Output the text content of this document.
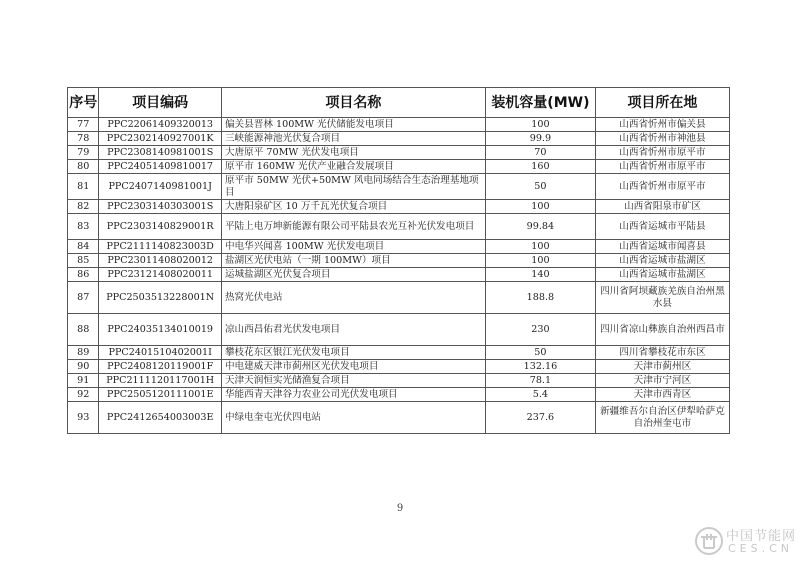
序号	项目编码	项目名称	装机容量(MW)	项目所在地
77	PPC22061409320013	偏关县晋林 100MW 光伏储能发电项目	100	山西省忻州市偏关县
78	PPC2302140927001K	三峡能源神池光伏复合项目	99.9	山西省忻州市神池县
79	PPC2308140981001S	大唐原平 70MW 光伏发电项目	70	山西省忻州市原平市
80	PPC24051409810017	原平市 160MW 光伏产业融合发展项目	160	山西省忻州市原平市
81	PPC2407140981001J	原平市 50MW 光伏+50MW 风电同场结合生态治理基地项目	50	山西省忻州市原平市
82	PPC2303140303001S	大唐阳泉矿区 10 万千瓦光伏复合项目	100	山西省阳泉市矿区
83	PPC2303140829001R	平陆上电万坤新能源有限公司平陆县农光互补光伏发电项目	99.84	山西省运城市平陆县
84	PPC2111140823003D	中电华兴闻喜 100MW 光伏发电项目	100	山西省运城市闻喜县
85	PPC23011408020012	盐湖区光伏电站（一期 100MW）项目	100	山西省运城市盐湖区
86	PPC23121408020011	运城盐湖区光伏复合项目	140	山西省运城市盐湖区
87	PPC2503513228001N	热窝光伏电站	188.8	四川省阿坝藏族羌族自治州黑水县
88	PPC24035134010019	凉山西昌佑君光伏发电项目	230	四川省凉山彝族自治州西昌市
89	PPC2401510402001I	攀枝花东区银江光伏发电项目	50	四川省攀枝花市东区
90	PPC2408120119001F	中电建威天津市蓟州区光伏发电项目	132.16	天津市蓟州区
91	PPC2111120117001H	天津天润恒实光储渔复合项目	78.1	天津市宁河区
92	PPC2505120111001E	华能西青天津谷力农业公司光伏发电项目	5.4	天津市西青区
93	PPC2412654003003E	中绿电奎屯光伏四电站	237.6	新疆维吾尔自治区伊犁哈萨克自治州奎屯市
9
中国节能网
CES.CN
